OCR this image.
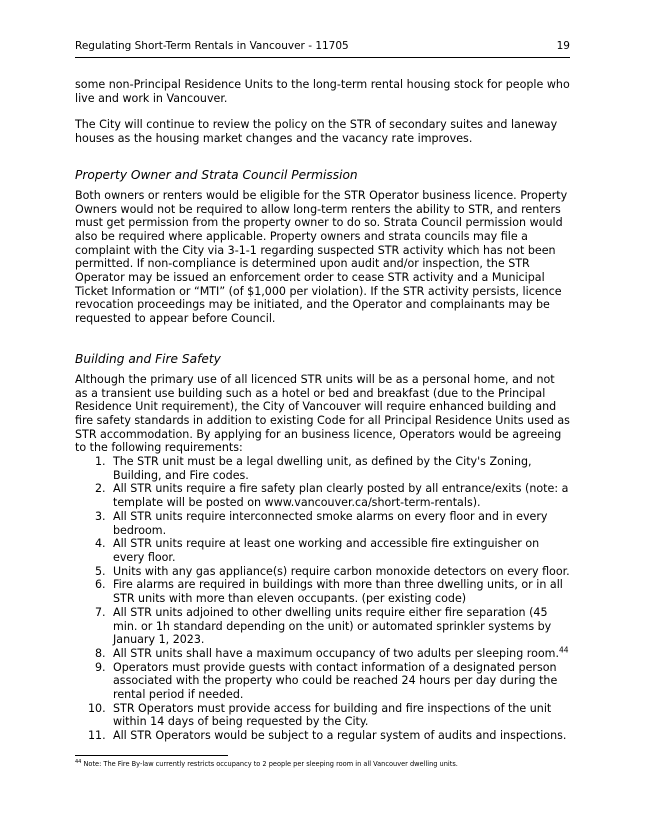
Regulating Short-Term Rentals in Vancouver - 11705	19

some non-Principal Residence Units to the long-term rental housing stock for people who live and work in Vancouver.

The City will continue to review the policy on the STR of secondary suites and laneway houses as the housing market changes and the vacancy rate improves.

Property Owner and Strata Council Permission

Both owners or renters would be eligible for the STR Operator business licence. Property Owners would not be required to allow long-term renters the ability to STR, and renters must get permission from the property owner to do so. Strata Council permission would also be required where applicable. Property owners and strata councils may file a complaint with the City via 3-1-1 regarding suspected STR activity which has not been permitted. If non-compliance is determined upon audit and/or inspection, the STR Operator may be issued an enforcement order to cease STR activity and a Municipal Ticket Information or “MTI” (of $1,000 per violation). If the STR activity persists, licence revocation proceedings may be initiated, and the Operator and complainants may be requested to appear before Council.

Building and Fire Safety

Although the primary use of all licenced STR units will be as a personal home, and not as a transient use building such as a hotel or bed and breakfast (due to the Principal Residence Unit requirement), the City of Vancouver will require enhanced building and fire safety standards in addition to existing Code for all Principal Residence Units used as STR accommodation. By applying for an business licence, Operators would be agreeing to the following requirements:

1. The STR unit must be a legal dwelling unit, as defined by the City's Zoning, Building, and Fire codes.
2. All STR units require a fire safety plan clearly posted by all entrance/exits (note: a template will be posted on www.vancouver.ca/short-term-rentals).
3. All STR units require interconnected smoke alarms on every floor and in every bedroom.
4. All STR units require at least one working and accessible fire extinguisher on every floor.
5. Units with any gas appliance(s) require carbon monoxide detectors on every floor.
6. Fire alarms are required in buildings with more than three dwelling units, or in all STR units with more than eleven occupants. (per existing code)
7. All STR units adjoined to other dwelling units require either fire separation (45 min. or 1h standard depending on the unit) or automated sprinkler systems by January 1, 2023.
8. All STR units shall have a maximum occupancy of two adults per sleeping room.$^{44}$
9. Operators must provide guests with contact information of a designated person associated with the property who could be reached 24 hours per day during the rental period if needed.
10. STR Operators must provide access for building and fire inspections of the unit within 14 days of being requested by the City.
11. All STR Operators would be subject to a regular system of audits and inspections.
$^{44}$ Note: The Fire By-law currently restricts occupancy to 2 people per sleeping room in all Vancouver dwelling units.
